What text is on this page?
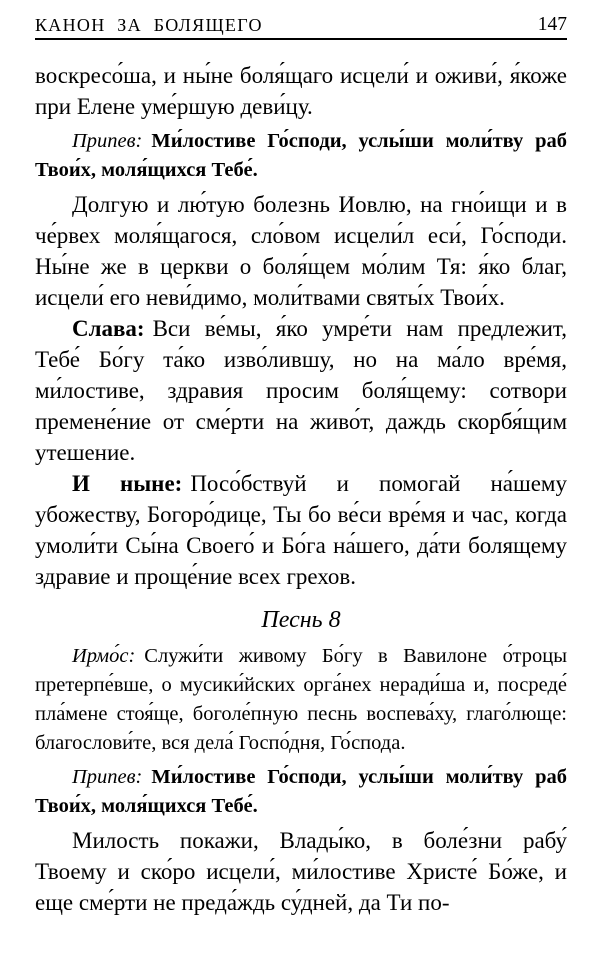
КАНОН ЗА БОЛЯЩЕГО	147

воскресо́ша, и ны́не боля́щаго исцели́ и оживи́, я́коже при Елене уме́ршую деви́цу.

Припев: Ми́лостиве Го́споди, услы́ши моли́тву раб Твои́х, моля́щихся Тебе́.

Долгую и лю́тую болезнь Иовлю, на гно́ищи и в че́рвех моля́щагося, сло́вом исцели́л еси́, Го́споди. Ны́не же в церкви о боля́щем мо́лим Тя: я́ко благ, исцели́ его неви́димо, моли́твами святы́х Твои́х.

Слава: Вси ве́мы, я́ко умре́ти нам предлежит, Тебе́ Бо́гу та́ко изво́лившу, но на ма́ло вре́мя, ми́лостиве, здравия просим боля́щему: сотвори премене́ние от сме́рти на живо́т, даждь скорбя́щим утешение.

И ныне: Посо́бствуй и помогай на́шему убожеству, Богоро́дице, Ты бо ве́си вре́мя и час, когда умоли́ти Сы́на Своего́ и Бо́га на́шего, да́ти болящему здравие и проще́ние всех грехов.

Песнь 8

Ирмо́с: Служи́ти живому Бо́гу в Вавилоне о́троцы претерпе́вше, о мусики́йских орга́нех неради́ша и, посреде́ пла́мене стоя́ще, боголе́пную песнь воспева́ху, глаго́люще: благослови́те, вся дела́ Госпо́дня, Го́спода.

Припев: Ми́лостиве Го́споди, услы́ши моли́тву раб Твои́х, моля́щихся Тебе́.

Милость покажи, Влады́ко, в боле́зни рабу́ Твоему и ско́ро исцели́, ми́лостиве Христе́ Бо́же, и еще сме́рти не преда́ждь су́дней, да Ти по-
